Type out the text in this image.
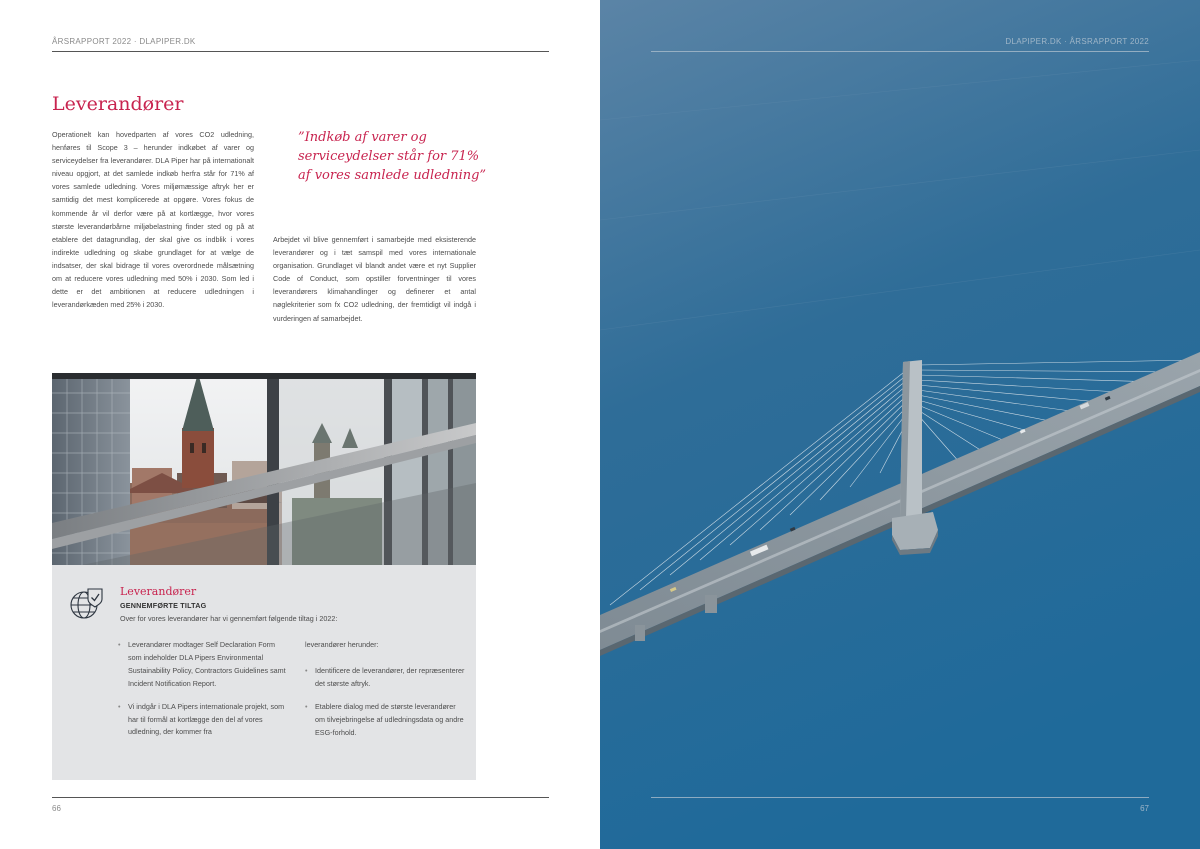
ÅRSRAPPORT 2022 · DLAPIPER.DK
Leverandører

Operationelt kan hovedparten af vores CO2 udledning, henføres til Scope 3 – herunder indkøbet af varer og serviceydelser fra leverandører. DLA Piper har på internationalt niveau opgjort, at det samlede indkøb herfra står for 71% af vores samlede udledning. Vores miljømæssige aftryk her er samtidig det mest komplicerede at opgøre. Vores fokus de kommende år vil derfor være på at kortlægge, hvor vores største leverandørbårne miljøbelastning finder sted og på at etablere det datagrundlag, der skal give os indblik i vores indirekte udledning og skabe grundlaget for at vælge de indsatser, der skal bidrage til vores overordnede målsætning om at reducere vores udledning med 50% i 2030. Som led i dette er det ambitionen at reducere udledningen i leverandørkæden med 25% i 2030.

”Indkøb af varer og serviceydelser står for 71% af vores samlede udledning”

Arbejdet vil blive gennemført i samarbejde med eksisterende leverandører og i tæt samspil med vores internationale organisation. Grundlaget vil blandt andet være et nyt Supplier Code of Conduct, som opstiller forventninger til vores leverandørers klimahandlinger og definerer et antal nøglekriterier som fx CO2 udledning, der fremtidigt vil indgå i vurderingen af samarbejdet.

Leverandører
GENNEMFØRTE TILTAG
Over for vores leverandører har vi gennemført følgende tiltag i 2022:
• Leverandører modtager Self Declaration Form som indeholder DLA Pipers Environmental Sustainability Policy, Contractors Guidelines samt Incident Notification Report.
• Vi indgår i DLA Pipers internationale projekt, som har til formål at kortlægge den del af vores udledning, der kommer fra
leverandører herunder:
• Identificere de leverandører, der repræsenterer det største aftryk.
• Etablere dialog med de største leverandører om tilvejebringelse af udledningsdata og andre ESG-forhold.
66
DLAPIPER.DK · ÅRSRAPPORT 2022
67
